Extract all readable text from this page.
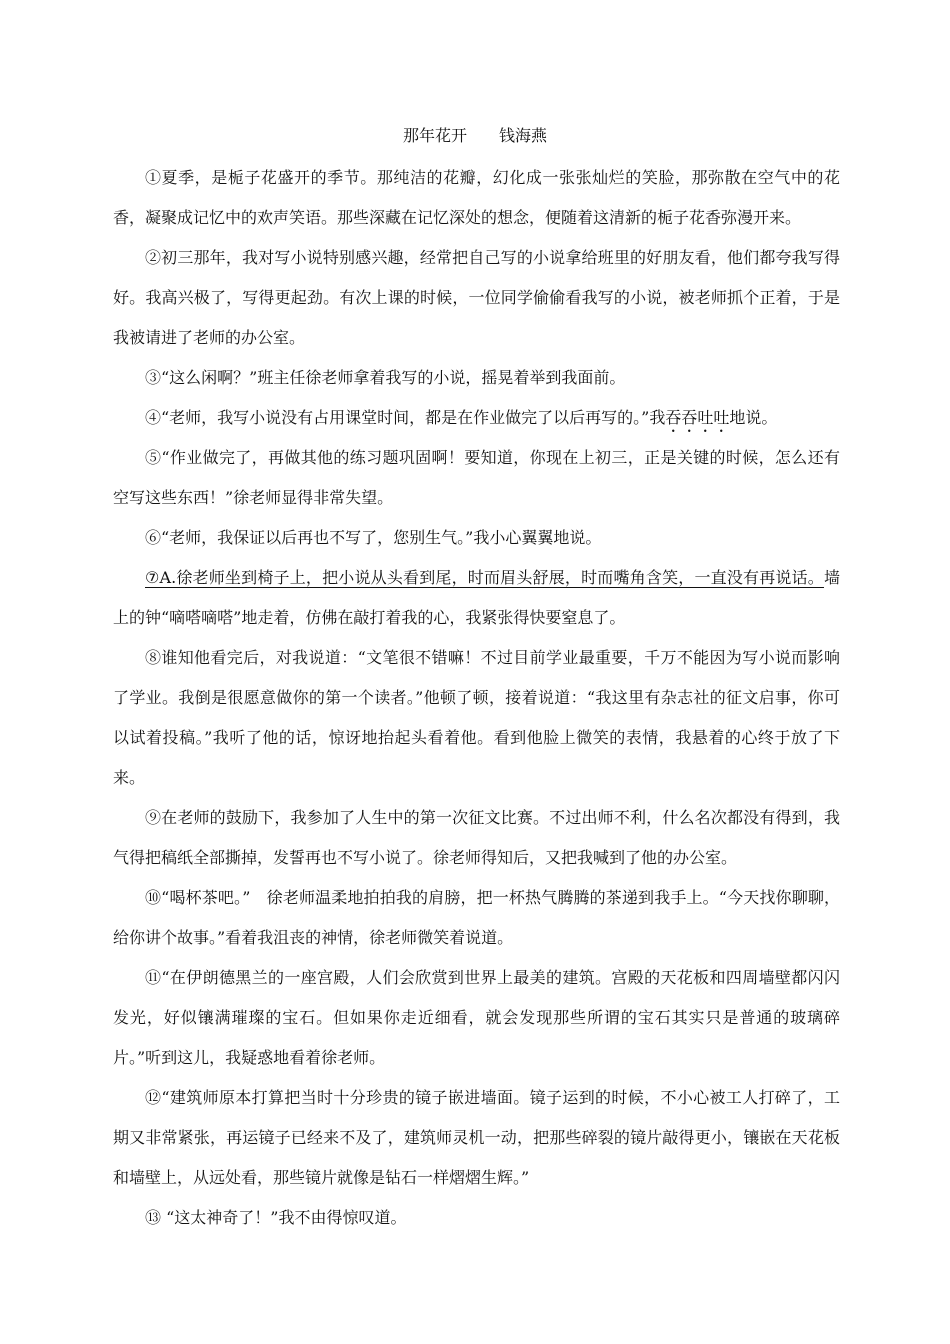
那年花开　　钱海燕

①夏季，是栀子花盛开的季节。那纯洁的花瓣，幻化成一张张灿烂的笑脸，那弥散在空气中的花香，凝聚成记忆中的欢声笑语。那些深藏在记忆深处的想念，便随着这清新的栀子花香弥漫开来。

②初三那年，我对写小说特别感兴趣，经常把自己写的小说拿给班里的好朋友看，他们都夸我写得好。我高兴极了，写得更起劲。有次上课的时候，一位同学偷偷看我写的小说，被老师抓个正着，于是我被请进了老师的办公室。

③“这么闲啊？”班主任徐老师拿着我写的小说，摇晃着举到我面前。

④“老师，我写小说没有占用课堂时间，都是在作业做完了以后再写的。”我吞吞吐吐地说。

⑤“作业做完了，再做其他的练习题巩固啊！要知道，你现在上初三，正是关键的时候，怎么还有空写这些东西！”徐老师显得非常失望。

⑥“老师，我保证以后再也不写了，您别生气。”我小心翼翼地说。

⑦A.徐老师坐到椅子上，把小说从头看到尾，时而眉头舒展，时而嘴角含笑，一直没有再说话。墙上的钟“嘀嗒嘀嗒”地走着，仿佛在敲打着我的心，我紧张得快要窒息了。

⑧谁知他看完后，对我说道：“文笔很不错嘛！不过目前学业最重要，千万不能因为写小说而影响了学业。我倒是很愿意做你的第一个读者。”他顿了顿，接着说道：“我这里有杂志社的征文启事，你可以试着投稿。”我听了他的话，惊讶地抬起头看着他。看到他脸上微笑的表情，我悬着的心终于放了下来。

⑨在老师的鼓励下，我参加了人生中的第一次征文比赛。不过出师不利，什么名次都没有得到，我气得把稿纸全部撕掉，发誓再也不写小说了。徐老师得知后，又把我喊到了他的办公室。

⑩“喝杯茶吧。”　徐老师温柔地拍拍我的肩膀，把一杯热气腾腾的茶递到我手上。“今天找你聊聊，给你讲个故事。”看着我沮丧的神情，徐老师微笑着说道。

⑪“在伊朗德黑兰的一座宫殿，人们会欣赏到世界上最美的建筑。宫殿的天花板和四周墙壁都闪闪发光，好似镶满璀璨的宝石。但如果你走近细看，就会发现那些所谓的宝石其实只是普通的玻璃碎片。”听到这儿，我疑惑地看着徐老师。

⑫“建筑师原本打算把当时十分珍贵的镜子嵌进墙面。镜子运到的时候，不小心被工人打碎了，工期又非常紧张，再运镜子已经来不及了，建筑师灵机一动，把那些碎裂的镜片敲得更小，镶嵌在天花板和墙壁上，从远处看，那些镜片就像是钻石一样熠熠生辉。”

⑬ “这太神奇了！”我不由得惊叹道。
